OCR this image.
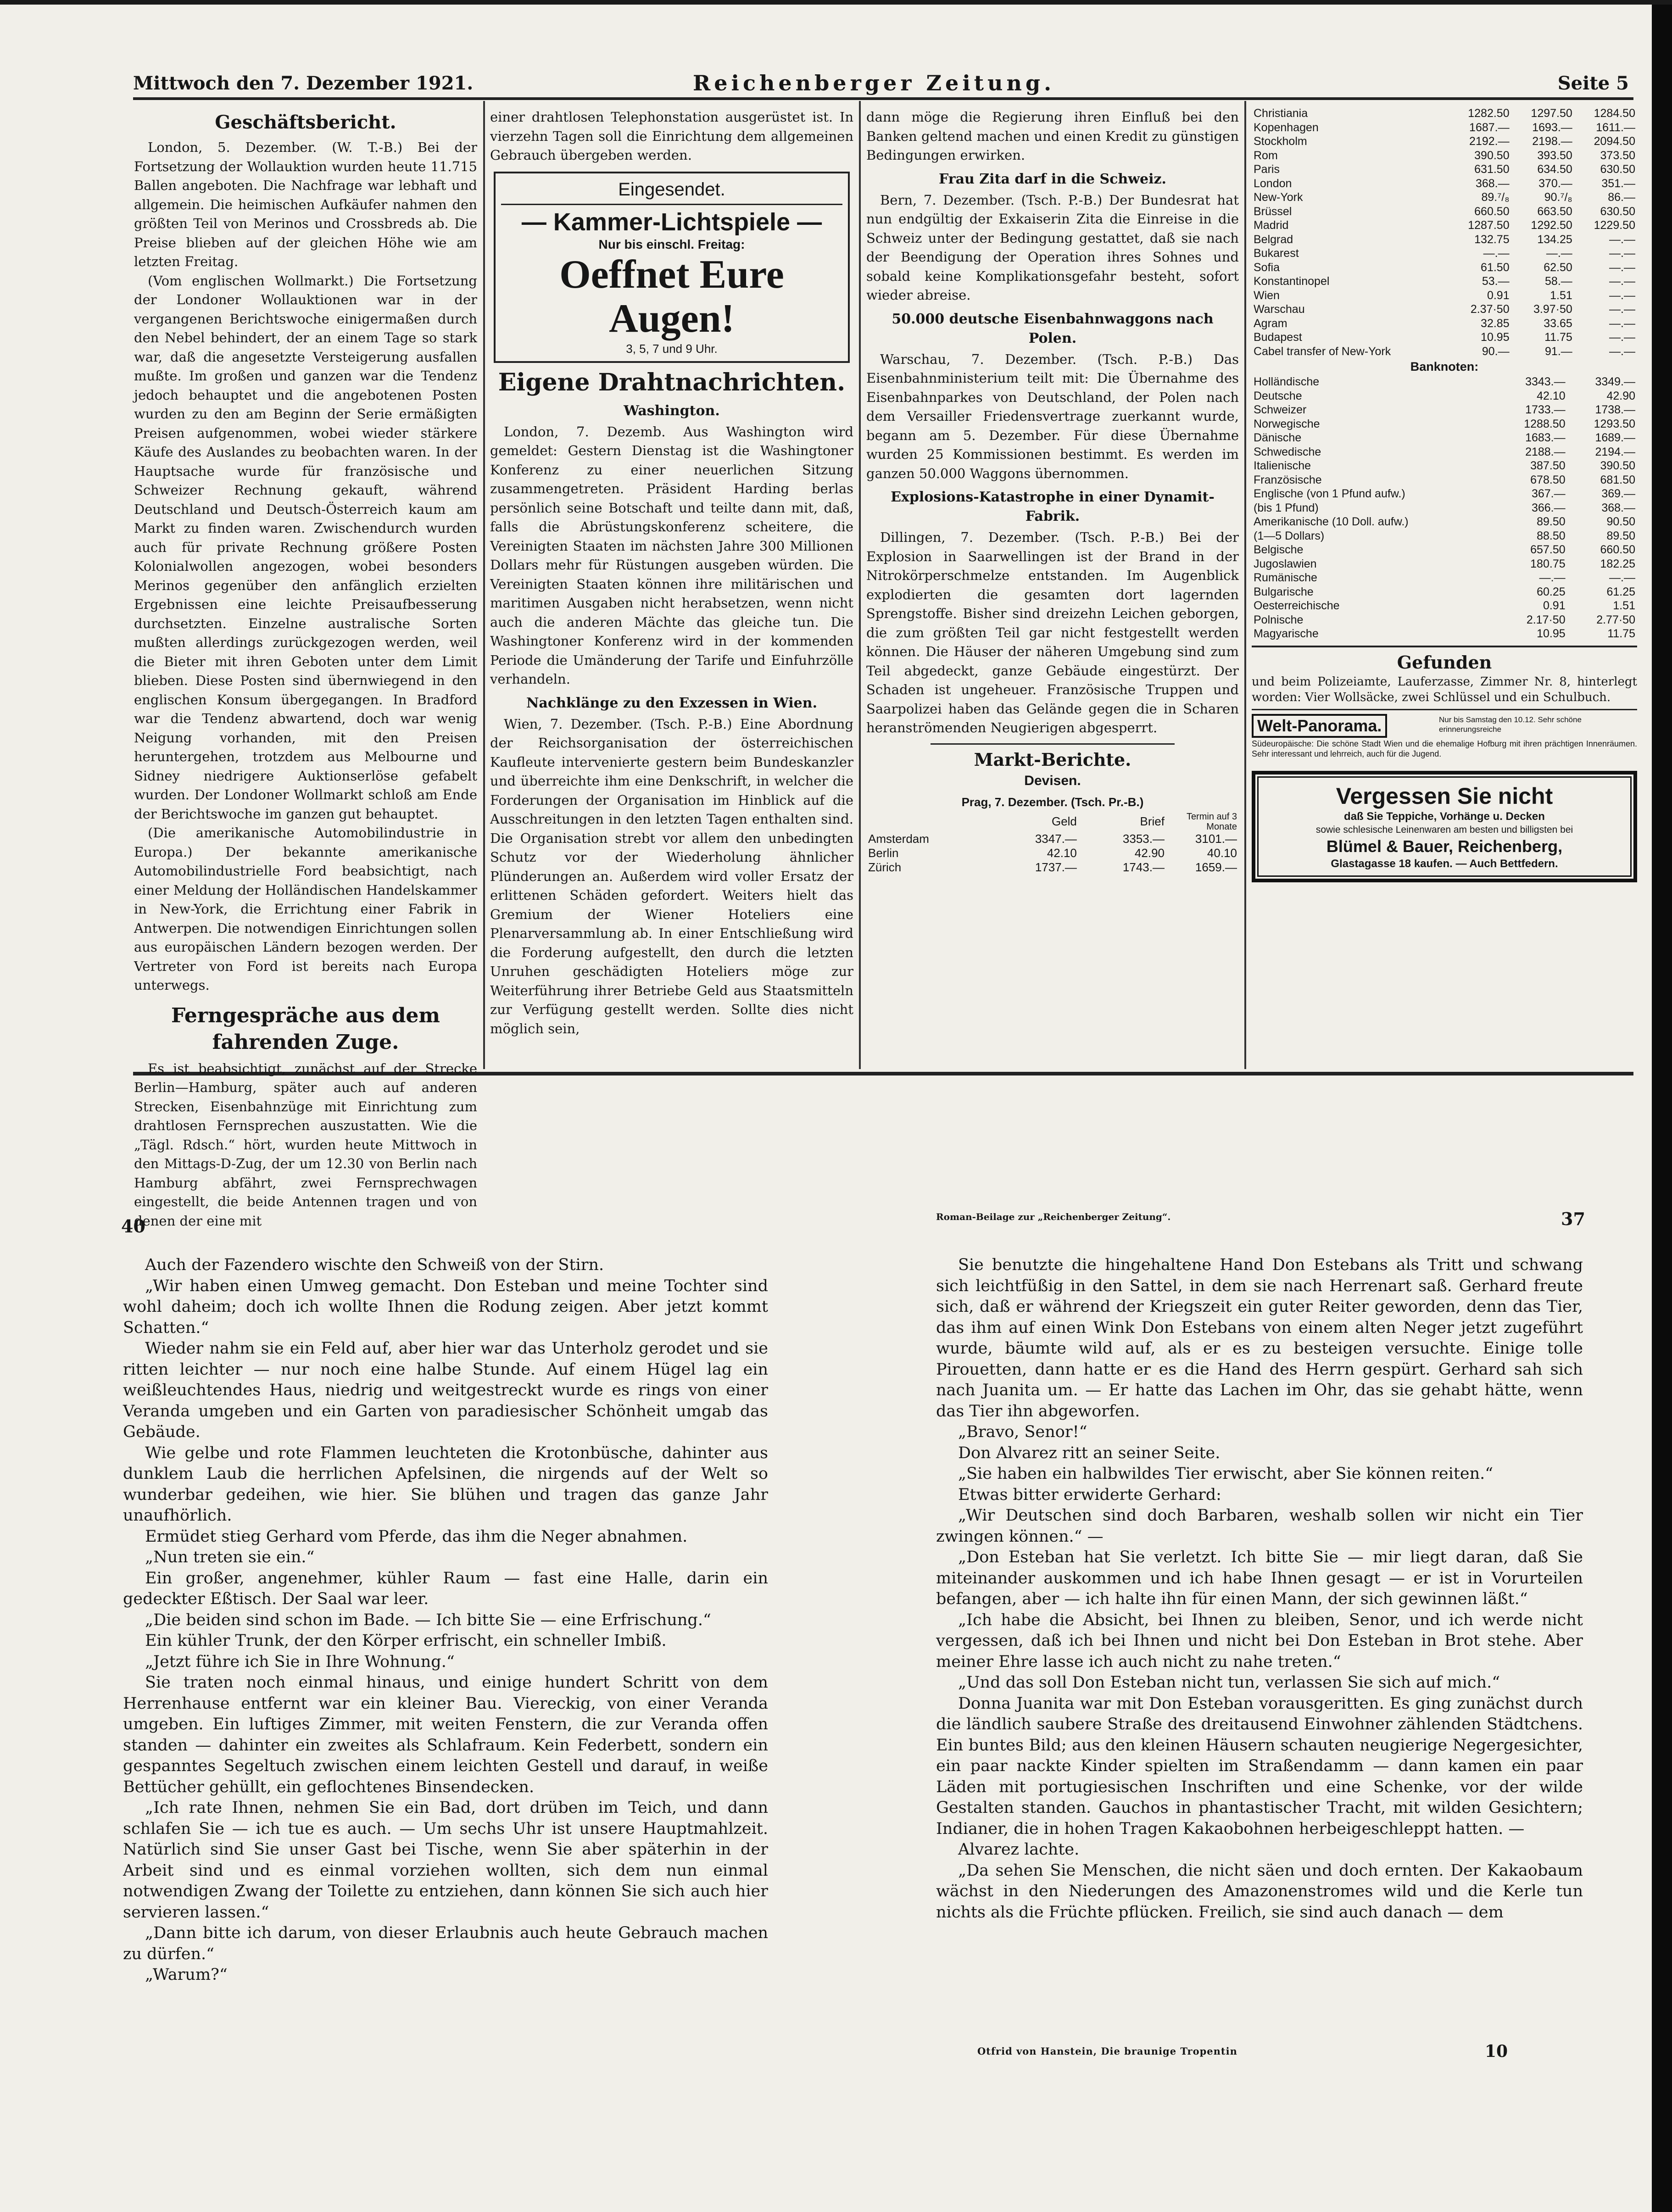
Mittwoch den 7. Dezember 1921.	Reichenberger Zeitung.	Seite 5
Geschäftsbericht.

London, 5. Dezember. (W. T.-B.) Bei der Fortsetzung der Wollauktion wurden heute 11.715 Ballen angeboten. Die Nachfrage war lebhaft und allgemein. Die heimischen Aufkäufer nahmen den größten Teil von Merinos und Crossbreds ab. Die Preise blieben auf der gleichen Höhe wie am letzten Freitag.

(Vom englischen Wollmarkt.) Die Fortsetzung der Londoner Wollauktionen war in der vergangenen Berichtswoche einigermaßen durch den Nebel behindert, der an einem Tage so stark war, daß die angesetzte Versteigerung ausfallen mußte. Im großen und ganzen war die Tendenz jedoch behauptet und die angebotenen Posten wurden zu den am Beginn der Serie ermäßigten Preisen aufgenommen, wobei wieder stärkere Käufe des Auslandes zu beobachten waren. In der Hauptsache wurde für französische und Schweizer Rechnung gekauft, während Deutschland und Deutsch-Österreich kaum am Markt zu finden waren. Zwischendurch wurden auch für private Rechnung größere Posten Kolonialwollen angezogen, wobei besonders Merinos gegenüber den anfänglich erzielten Ergebnissen eine leichte Preisaufbesserung durchsetzten. Einzelne australische Sorten mußten allerdings zurückgezogen werden, weil die Bieter mit ihren Geboten unter dem Limit blieben. Diese Posten sind übernwiegend in den englischen Konsum übergegangen. In Bradford war die Tendenz abwartend, doch war wenig Neigung vorhanden, mit den Preisen heruntergehen, trotzdem aus Melbourne und Sidney niedrigere Auktionserlöse gefabelt wurden. Der Londoner Wollmarkt schloß am Ende der Berichtswoche im ganzen gut behauptet.

(Die amerikanische Automobilindustrie in Europa.) Der bekannte amerikanische Automobilindustrielle Ford beabsichtigt, nach einer Meldung der Holländischen Handelskammer in New-York, die Errichtung einer Fabrik in Antwerpen. Die notwendigen Einrichtungen sollen aus europäischen Ländern bezogen werden. Der Vertreter von Ford ist bereits nach Europa unterwegs.

Ferngespräche aus dem fahrenden Zuge.

Es ist beabsichtigt, zunächst auf der Strecke Berlin—Hamburg, später auch auf anderen Strecken, Eisenbahnzüge mit Einrichtung zum drahtlosen Fernsprechen auszustatten. Wie die „Tägl. Rdsch.“ hört, wurden heute Mittwoch in den Mittags-D-Zug, der um 12.30 von Berlin nach Hamburg abfährt, zwei Fernsprechwagen eingestellt, die beide Antennen tragen und von denen der eine mit

einer drahtlosen Telephonstation ausgerüstet ist. In vierzehn Tagen soll die Einrichtung dem allgemeinen Gebrauch übergeben werden.

Eingesendet.
— Kammer-Lichtspiele —
Nur bis einschl. Freitag:
Oeffnet Eure Augen!
3, 5, 7 und 9 Uhr.
Eigene Drahtnachrichten.
Washington.

London, 7. Dezemb. Aus Washington wird gemeldet: Gestern Dienstag ist die Washingtoner Konferenz zu einer neuerlichen Sitzung zusammengetreten. Präsident Harding berlas persönlich seine Botschaft und teilte dann mit, daß, falls die Abrüstungskonferenz scheitere, die Vereinigten Staaten im nächsten Jahre 300 Millionen Dollars mehr für Rüstungen ausgeben würden. Die Vereinigten Staaten können ihre militärischen und maritimen Ausgaben nicht herabsetzen, wenn nicht auch die anderen Mächte das gleiche tun. Die Washingtoner Konferenz wird in der kommenden Periode die Umänderung der Tarife und Einfuhrzölle verhandeln.

Nachklänge zu den Exzessen in Wien.

Wien, 7. Dezember. (Tsch. P.-B.) Eine Abordnung der Reichsorganisation der österreichischen Kaufleute intervenierte gestern beim Bundeskanzler und überreichte ihm eine Denkschrift, in welcher die Forderungen der Organisation im Hinblick auf die Ausschreitungen in den letzten Tagen enthalten sind. Die Organisation strebt vor allem den unbedingten Schutz vor der Wiederholung ähnlicher Plünderungen an. Außerdem wird voller Ersatz der erlittenen Schäden gefordert. Weiters hielt das Gremium der Wiener Hoteliers eine Plenarversammlung ab. In einer Entschließung wird die Forderung aufgestellt, den durch die letzten Unruhen geschädigten Hoteliers möge zur Weiterführung ihrer Betriebe Geld aus Staatsmitteln zur Verfügung gestellt werden. Sollte dies nicht möglich sein,

dann möge die Regierung ihren Einfluß bei den Banken geltend machen und einen Kredit zu günstigen Bedingungen erwirken.

Frau Zita darf in die Schweiz.

Bern, 7. Dezember. (Tsch. P.-B.) Der Bundesrat hat nun endgültig der Exkaiserin Zita die Einreise in die Schweiz unter der Bedingung gestattet, daß sie nach der Beendigung der Operation ihres Sohnes und sobald keine Komplikationsgefahr besteht, sofort wieder abreise.

50.000 deutsche Eisenbahnwaggons nach Polen.

Warschau, 7. Dezember. (Tsch. P.-B.) Das Eisenbahnministerium teilt mit: Die Übernahme des Eisenbahnparkes von Deutschland, der Polen nach dem Versailler Friedensvertrage zuerkannt wurde, begann am 5. Dezember. Für diese Übernahme wurden 25 Kommissionen bestimmt. Es werden im ganzen 50.000 Waggons übernommen.

Explosions-Katastrophe in einer Dynamit-Fabrik.

Dillingen, 7. Dezember. (Tsch. P.-B.) Bei der Explosion in Saarwellingen ist der Brand in der Nitrokörperschmelze entstanden. Im Augenblick explodierten die gesamten dort lagernden Sprengstoffe. Bisher sind dreizehn Leichen geborgen, die zum größten Teil gar nicht festgestellt werden können. Die Häuser der näheren Umgebung sind zum Teil abgedeckt, ganze Gebäude eingestürzt. Der Schaden ist ungeheuer. Französische Truppen und Saarpolizei haben das Gelände gegen die in Scharen heranströmenden Neugierigen abgesperrt.

Markt-Berichte.
Devisen.
Prag, 7. Dezember. (Tsch. Pr.-B.)
	Geld	Brief	Termin auf 3 Monate
Amsterdam	3347.—	3353.—	3101.—
Berlin	42.10	42.90	40.10
Zürich	1737.—	1743.—	1659.—
Christiania	1282.50	1297.50	1284.50
Kopenhagen	1687.—	1693.—	1611.—
Stockholm	2192.—	2198.—	2094.50
Rom	390.50	393.50	373.50
Paris	631.50	634.50	630.50
London	368.—	370.—	351.—
New-York	89.⁷/₈	90.⁷/₈	86.—
Brüssel	660.50	663.50	630.50
Madrid	1287.50	1292.50	1229.50
Belgrad	132.75	134.25	—.—
Bukarest	—.—	—.—	—.—
Sofia	61.50	62.50	—.—
Konstantinopel	53.—	58.—	—.—
Wien	0.91	1.51	—.—
Warschau	2.37·50	3.97·50	—.—
Agram	32.85	33.65	—.—
Budapest	10.95	11.75	—.—
Cabel transfer of New-York	90.—	91.—	—.—
Banknoten:
Holländische	3343.—	3349.—
Deutsche	42.10	42.90
Schweizer	1733.—	1738.—
Norwegische	1288.50	1293.50
Dänische	1683.—	1689.—
Schwedische	2188.—	2194.—
Italienische	387.50	390.50
Französische	678.50	681.50
Englische (von 1 Pfund aufw.)	367.—	369.—
(bis 1 Pfund)	366.—	368.—
Amerikanische (10 Doll. aufw.)	89.50	90.50
(1—5 Dollars)	88.50	89.50
Belgische	657.50	660.50
Jugoslawien	180.75	182.25
Rumänische	—.—	—.—
Bulgarische	60.25	61.25
Oesterreichische	0.91	1.51
Polnische	2.17·50	2.77·50
Magyarische	10.95	11.75
Gefunden

und beim Polizeiamte, Lauferzasse, Zimmer Nr. 8, hinterlegt worden: Vier Wollsäcke, zwei Schlüssel und ein Schulbuch.

Welt-Panorama.	Nur bis Samstag den 10.12. Sehr schöne erinnerungsreiche
Südeuropäische: Die schöne Stadt Wien und die ehemalige Hofburg mit ihren prächtigen Innenräumen. Sehr interessant und lehrreich, auch für die Jugend.
Vergessen Sie nicht
daß Sie Teppiche, Vorhänge u. Decken
sowie schlesische Leinenwaren am besten und billigsten bei
Blümel & Bauer, Reichenberg,
Glastagasse 18 kaufen. — Auch Bettfedern.
40

Auch der Fazendero wischte den Schweiß von der Stirn.

„Wir haben einen Umweg gemacht. Don Esteban und meine Tochter sind wohl daheim; doch ich wollte Ihnen die Rodung zeigen. Aber jetzt kommt Schatten.“

Wieder nahm sie ein Feld auf, aber hier war das Unterholz gerodet und sie ritten leichter — nur noch eine halbe Stunde. Auf einem Hügel lag ein weißleuchtendes Haus, niedrig und weitgestreckt wurde es rings von einer Veranda umgeben und ein Garten von paradiesischer Schönheit umgab das Gebäude.

Wie gelbe und rote Flammen leuchteten die Krotonbüsche, dahinter aus dunklem Laub die herrlichen Apfelsinen, die nirgends auf der Welt so wunderbar gedeihen, wie hier. Sie blühen und tragen das ganze Jahr unaufhörlich.

Ermüdet stieg Gerhard vom Pferde, das ihm die Neger abnahmen.

„Nun treten sie ein.“

Ein großer, angenehmer, kühler Raum — fast eine Halle, darin ein gedeckter Eßtisch. Der Saal war leer.

„Die beiden sind schon im Bade. — Ich bitte Sie — eine Erfrischung.“

Ein kühler Trunk, der den Körper erfrischt, ein schneller Imbiß.

„Jetzt führe ich Sie in Ihre Wohnung.“

Sie traten noch einmal hinaus, und einige hundert Schritt von dem Herrenhause entfernt war ein kleiner Bau. Viereckig, von einer Veranda umgeben. Ein luftiges Zimmer, mit weiten Fenstern, die zur Veranda offen standen — dahinter ein zweites als Schlafraum. Kein Federbett, sondern ein gespanntes Segeltuch zwischen einem leichten Gestell und darauf, in weiße Bettücher gehüllt, ein geflochtenes Binsendecken.

„Ich rate Ihnen, nehmen Sie ein Bad, dort drüben im Teich, und dann schlafen Sie — ich tue es auch. — Um sechs Uhr ist unsere Hauptmahlzeit. Natürlich sind Sie unser Gast bei Tische, wenn Sie aber späterhin in der Arbeit sind und es einmal vorziehen wollten, sich dem nun einmal notwendigen Zwang der Toilette zu entziehen, dann können Sie sich auch hier servieren lassen.“

„Dann bitte ich darum, von dieser Erlaubnis auch heute Gebrauch machen zu dürfen.“

„Warum?“

Roman-Beilage zur „Reichenberger Zeitung“.	37

Sie benutzte die hingehaltene Hand Don Estebans als Tritt und schwang sich leichtfüßig in den Sattel, in dem sie nach Herrenart saß. Gerhard freute sich, daß er während der Kriegszeit ein guter Reiter geworden, denn das Tier, das ihm auf einen Wink Don Estebans von einem alten Neger jetzt zugeführt wurde, bäumte wild auf, als er es zu besteigen versuchte. Einige tolle Pirouetten, dann hatte er es die Hand des Herrn gespürt. Gerhard sah sich nach Juanita um. — Er hatte das Lachen im Ohr, das sie gehabt hätte, wenn das Tier ihn abgeworfen.

„Bravo, Senor!“

Don Alvarez ritt an seiner Seite.

„Sie haben ein halbwildes Tier erwischt, aber Sie können reiten.“

Etwas bitter erwiderte Gerhard:

„Wir Deutschen sind doch Barbaren, weshalb sollen wir nicht ein Tier zwingen können.“ —

„Don Esteban hat Sie verletzt. Ich bitte Sie — mir liegt daran, daß Sie miteinander auskommen und ich habe Ihnen gesagt — er ist in Vorurteilen befangen, aber — ich halte ihn für einen Mann, der sich gewinnen läßt.“

„Ich habe die Absicht, bei Ihnen zu bleiben, Senor, und ich werde nicht vergessen, daß ich bei Ihnen und nicht bei Don Esteban in Brot stehe. Aber meiner Ehre lasse ich auch nicht zu nahe treten.“

„Und das soll Don Esteban nicht tun, verlassen Sie sich auf mich.“

Donna Juanita war mit Don Esteban vorausgeritten. Es ging zunächst durch die ländlich saubere Straße des dreitausend Einwohner zählenden Städtchens. Ein buntes Bild; aus den kleinen Häusern schauten neugierige Negergesichter, ein paar nackte Kinder spielten im Straßendamm — dann kamen ein paar Läden mit portugiesischen Inschriften und eine Schenke, vor der wilde Gestalten standen. Gauchos in phantastischer Tracht, mit wilden Gesichtern; Indianer, die in hohen Tragen Kakaobohnen herbeigeschleppt hatten. —

Alvarez lachte.

„Da sehen Sie Menschen, die nicht säen und doch ernten. Der Kakaobaum wächst in den Niederungen des Amazonenstromes wild und die Kerle tun nichts als die Früchte pflücken. Freilich, sie sind auch danach — dem

Otfrid von Hanstein, Die braunige Tropentin	10
